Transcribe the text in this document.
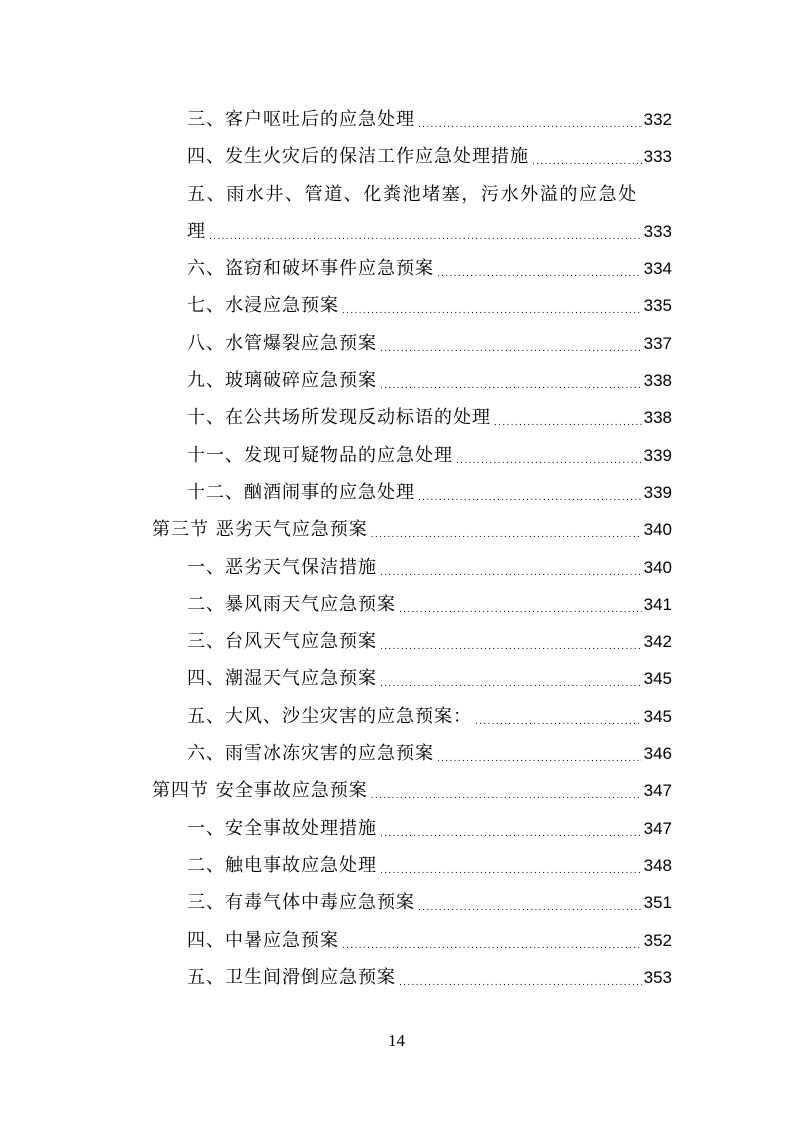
三、客户呕吐后的应急处理 .....	332
四、发生火灾后的保洁工作应急处理措施 .....	333
五、雨水井、管道、化粪池堵塞，污水外溢的应急处
理 .....	333
六、盗窃和破坏事件应急预案 .....	334
七、水浸应急预案 .....	335
八、水管爆裂应急预案 .....	337
九、玻璃破碎应急预案 .....	338
十、在公共场所发现反动标语的处理 .....	338
十一、发现可疑物品的应急处理 .....	339
十二、酗酒闹事的应急处理 .....	339
第三节 恶劣天气应急预案 .....	340
一、恶劣天气保洁措施 .....	340
二、暴风雨天气应急预案 .....	341
三、台风天气应急预案 .....	342
四、潮湿天气应急预案 .....	345
五、大风、沙尘灾害的应急预案： .....	345
六、雨雪冰冻灾害的应急预案 .....	346
第四节 安全事故应急预案 .....	347
一、安全事故处理措施 .....	347
二、触电事故应急处理 .....	348
三、有毒气体中毒应急预案 .....	351
四、中暑应急预案 .....	352
五、卫生间滑倒应急预案 .....	353
14
